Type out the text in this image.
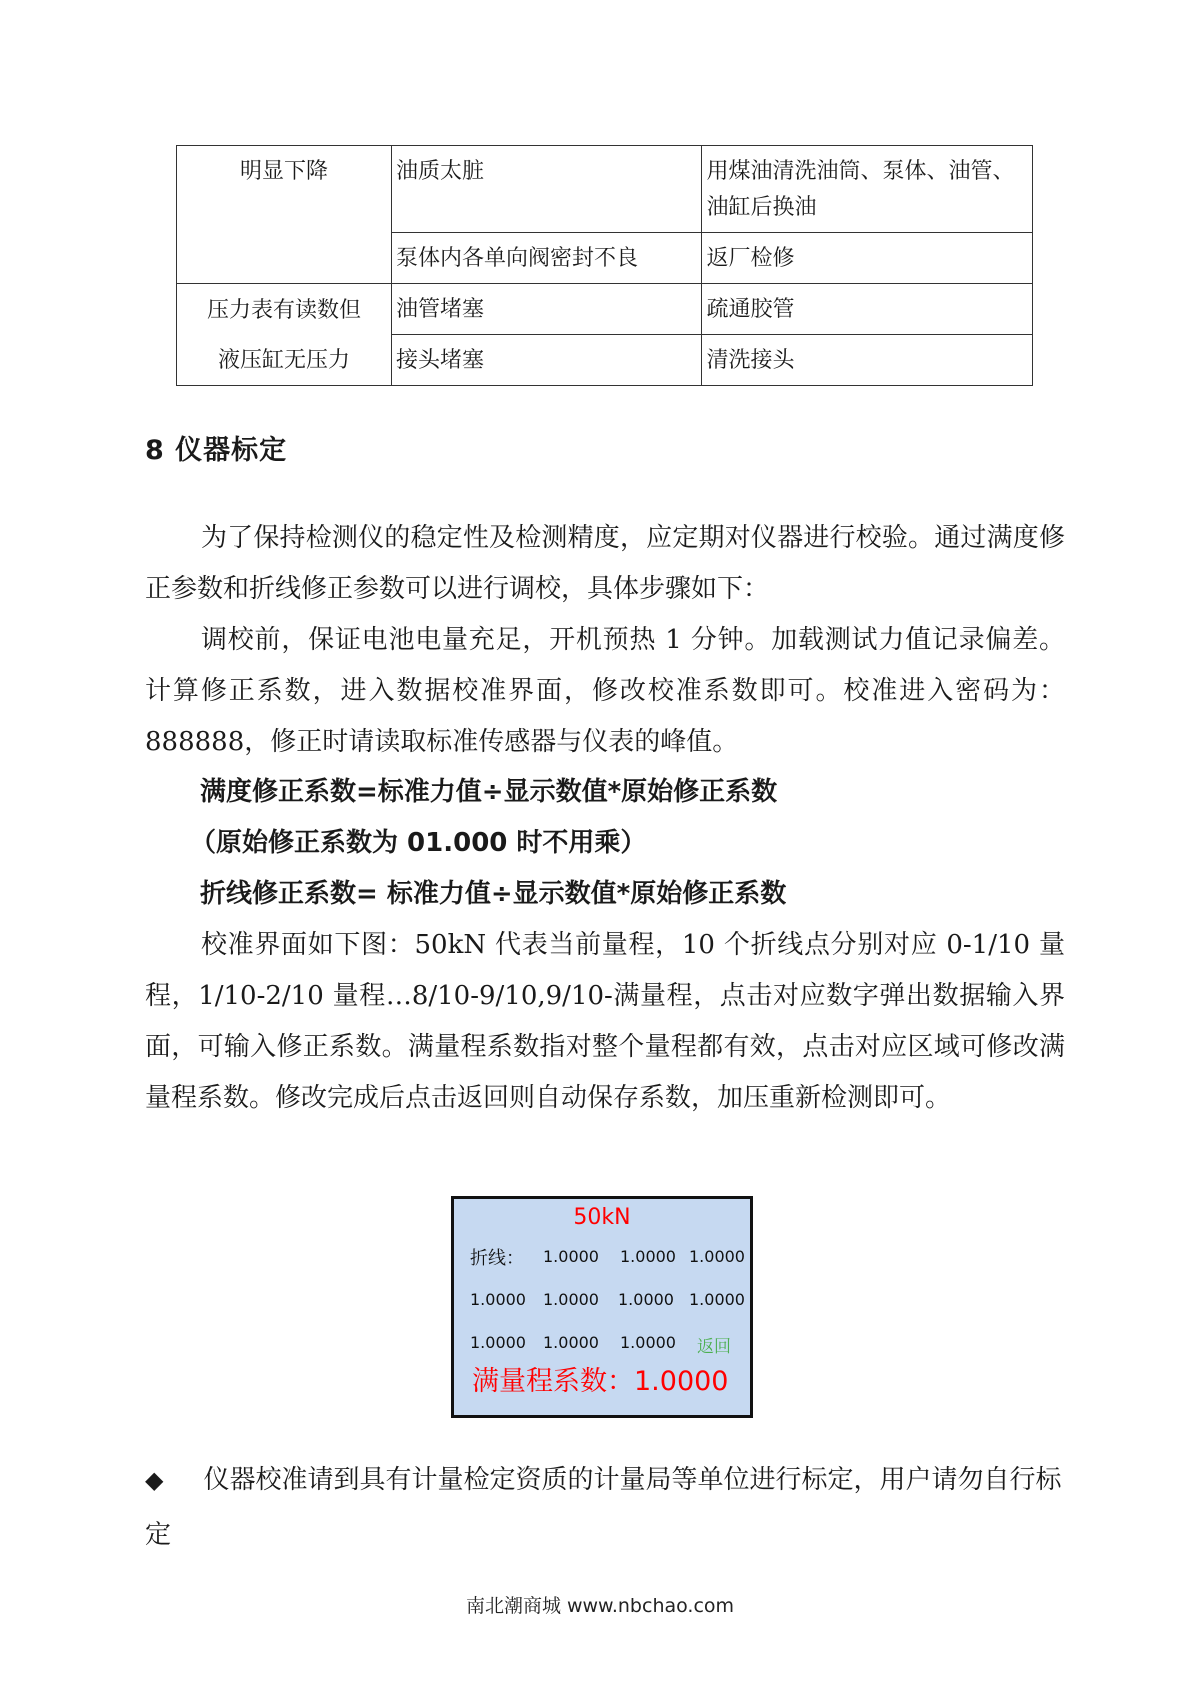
明显下降	油质太脏	用煤油清洗油筒、泵体、油管、油缸后换油
	泵体内各单向阀密封不良	返厂检修

压力表有读数但
液压缸无压力	油管堵塞	疏通胶管
	接头堵塞	清洗接头
8 仪器标定

为了保持检测仪的稳定性及检测精度，应定期对仪器进行校验。通过满度修正参数和折线修正参数可以进行调校，具体步骤如下：

调校前，保证电池电量充足，开机预热 1 分钟。加载测试力值记录偏差。计算修正系数，进入数据校准界面，修改校准系数即可。校准进入密码为：888888，修正时请读取标准传感器与仪表的峰值。

满度修正系数=标准力值÷显示数值*原始修正系数

（原始修正系数为 01.000 时不用乘）

折线修正系数= 标准力值÷显示数值*原始修正系数

校准界面如下图：50kN 代表当前量程，10 个折线点分别对应 0-1/10 量程，1/10-2/10 量程…8/10-9/10,9/10-满量程，点击对应数字弹出数据输入界面，可输入修正系数。满量程系数指对整个量程都有效，点击对应区域可修改满量程系数。修改完成后点击返回则自动保存系数，加压重新检测即可。

50kN
折线： 1.0000 1.0000 1.0000
1.0000 1.0000 1.0000 1.0000
1.0000 1.0000 1.0000 返回
满量程系数：1.0000

◆ 仪器校准请到具有计量检定资质的计量局等单位进行标定，用户请勿自行标定

南北潮商城 www.nbchao.com
